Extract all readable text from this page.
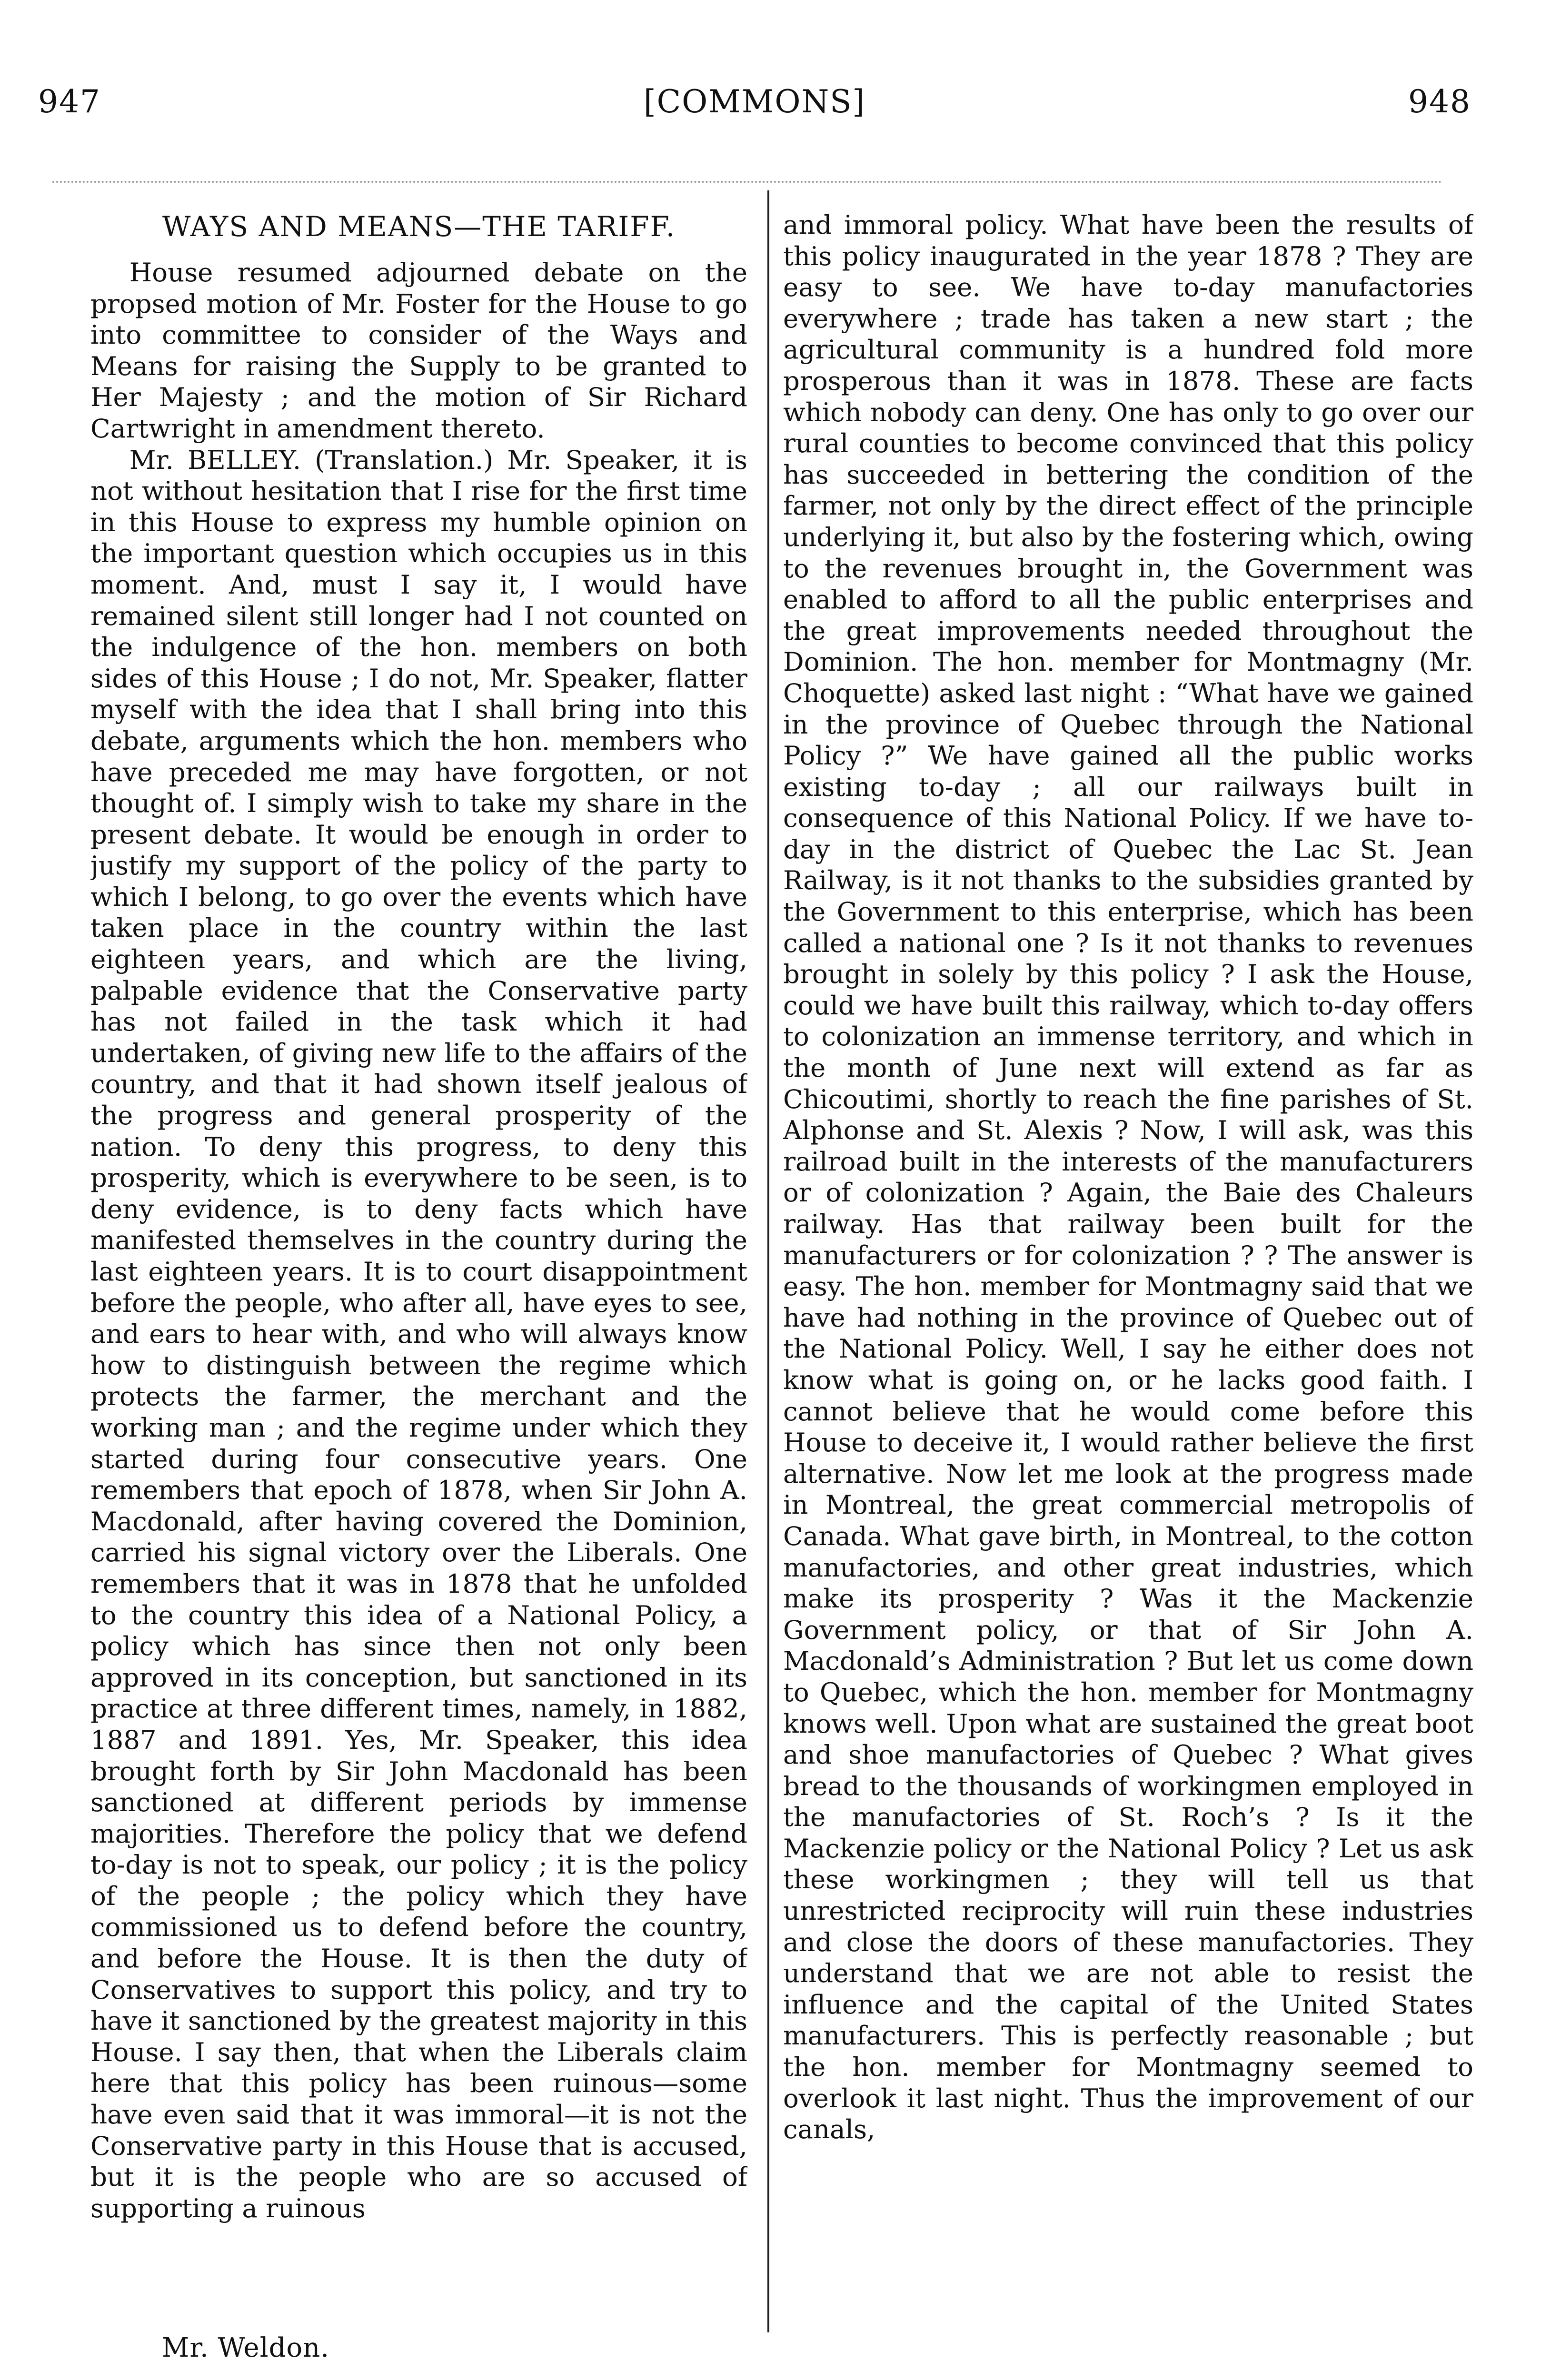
947	[COMMONS]	948
WAYS AND MEANS—THE TARIFF.

House resumed adjourned debate on the propsed motion of Mr. Foster for the House to go into committee to consider of the Ways and Means for raising the Supply to be granted to Her Majesty ; and the motion of Sir Richard Cartwright in amendment thereto.

Mr. BELLEY. (Translation.) Mr. Speaker, it is not without hesitation that I rise for the first time in this House to express my humble opinion on the important question which occupies us in this moment. And, must I say it, I would have remained silent still longer had I not counted on the indulgence of the hon. members on both sides of this House ; I do not, Mr. Speaker, flatter myself with the idea that I shall bring into this debate, arguments which the hon. members who have preceded me may have forgotten, or not thought of. I simply wish to take my share in the present debate. It would be enough in order to justify my support of the policy of the party to which I belong, to go over the events which have taken place in the country within the last eighteen years, and which are the living, palpable evidence that the Conservative party has not failed in the task which it had undertaken, of giving new life to the affairs of the country, and that it had shown itself jealous of the progress and general prosperity of the nation. To deny this progress, to deny this prosperity, which is everywhere to be seen, is to deny evidence, is to deny facts which have manifested themselves in the country during the last eighteen years. It is to court disappointment before the people, who after all, have eyes to see, and ears to hear with, and who will always know how to distinguish between the regime which protects the farmer, the merchant and the working man ; and the regime under which they started during four consecutive years. One remembers that epoch of 1878, when Sir John A. Macdonald, after having covered the Dominion, carried his signal victory over the Liberals. One remembers that it was in 1878 that he unfolded to the country this idea of a National Policy, a policy which has since then not only been approved in its conception, but sanctioned in its practice at three different times, namely, in 1882, 1887 and 1891. Yes, Mr. Speaker, this idea brought forth by Sir John Macdonald has been sanctioned at different periods by immense majorities. Therefore the policy that we defend to-day is not to speak, our policy ; it is the policy of the people ; the policy which they have commissioned us to defend before the country, and before the House. It is then the duty of Conservatives to support this policy, and try to have it sanctioned by the greatest majority in this House. I say then, that when the Liberals claim here that this policy has been ruinous—some have even said that it was immoral—it is not the Conservative party in this House that is accused, but it is the people who are so accused of supporting a ruinous

and immoral policy. What have been the results of this policy inaugurated in the year 1878 ? They are easy to see. We have to-day manufactories everywhere ; trade has taken a new start ; the agricultural community is a hundred fold more prosperous than it was in 1878. These are facts which nobody can deny. One has only to go over our rural counties to become convinced that this policy has succeeded in bettering the condition of the farmer, not only by the direct effect of the principle underlying it, but also by the fostering which, owing to the revenues brought in, the Government was enabled to afford to all the public enterprises and the great improvements needed throughout the Dominion. The hon. member for Montmagny (Mr. Choquette) asked last night : “What have we gained in the province of Quebec through the National Policy ?” We have gained all the public works existing to-day ; all our railways built in consequence of this National Policy. If we have to-day in the district of Quebec the Lac St. Jean Railway, is it not thanks to the subsidies granted by the Government to this enterprise, which has been called a national one ? Is it not thanks to revenues brought in solely by this policy ? I ask the House, could we have built this railway, which to-day offers to colonization an immense territory, and which in the month of June next will extend as far as Chicoutimi, shortly to reach the fine parishes of St. Alphonse and St. Alexis ? Now, I will ask, was this railroad built in the interests of the manufacturers or of colonization ? Again, the Baie des Chaleurs railway. Has that railway been built for the manufacturers or for colonization ? ? The answer is easy. The hon. member for Montmagny said that we have had nothing in the province of Quebec out of the National Policy. Well, I say he either does not know what is going on, or he lacks good faith. I cannot believe that he would come before this House to deceive it, I would rather believe the first alternative. Now let me look at the progress made in Montreal, the great commercial metropolis of Canada. What gave birth, in Montreal, to the cotton manufactories, and other great industries, which make its prosperity ? Was it the Mackenzie Government policy, or that of Sir John A. Macdonald’s Administration ? But let us come down to Quebec, which the hon. member for Montmagny knows well. Upon what are sustained the great boot and shoe manufactories of Quebec ? What gives bread to the thousands of workingmen employed in the manufactories of St. Roch’s ? Is it the Mackenzie policy or the National Policy ? Let us ask these workingmen ; they will tell us that unrestricted reciprocity will ruin these industries and close the doors of these manufactories. They understand that we are not able to resist the influence and the capital of the United States manufacturers. This is perfectly reasonable ; but the hon. member for Montmagny seemed to overlook it last night. Thus the improvement of our canals,

Mr. Weldon.
